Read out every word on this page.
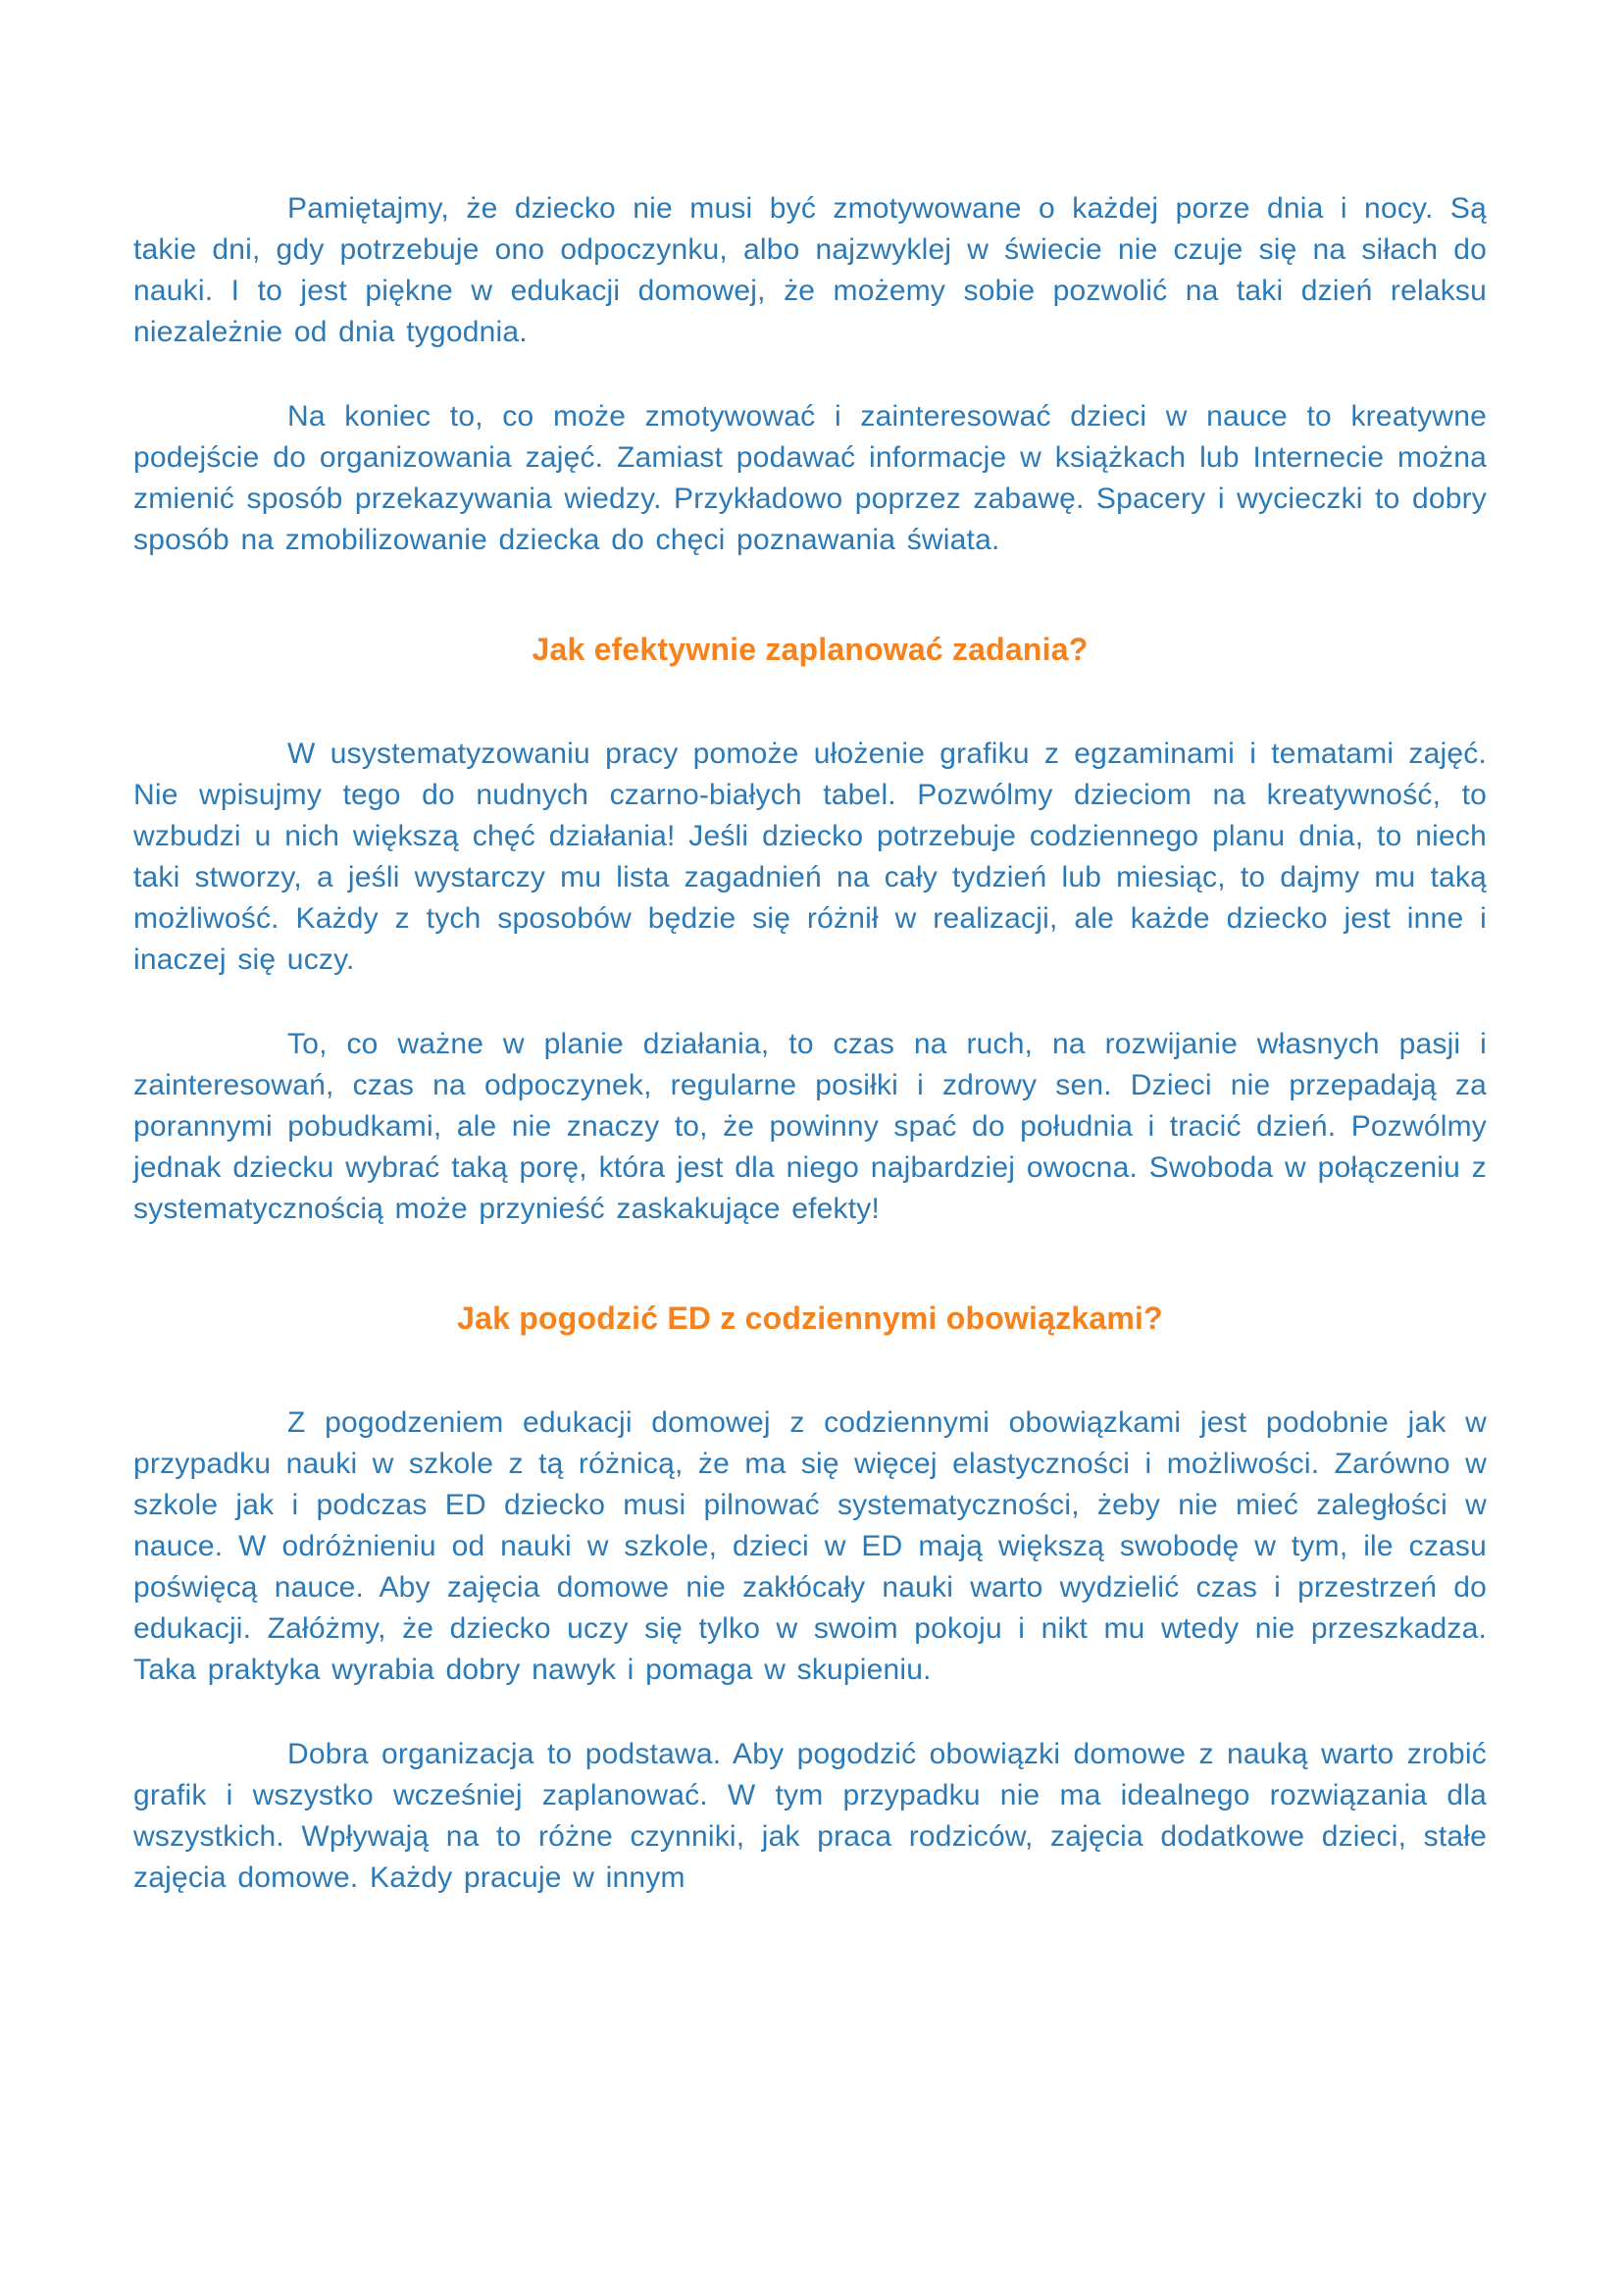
Pamiętajmy, że dziecko nie musi być zmotywowane o każdej porze dnia i nocy. Są takie dni, gdy potrzebuje ono odpoczynku, albo najzwyklej w świecie nie czuje się na siłach do nauki. I to jest piękne w edukacji domowej, że możemy sobie pozwolić na taki dzień relaksu niezależnie od dnia tygodnia.

Na koniec to, co może zmotywować i zainteresować dzieci w nauce to kreatywne podejście do organizowania zajęć. Zamiast podawać informacje w książkach lub Internecie można zmienić sposób przekazywania wiedzy. Przykładowo poprzez zabawę. Spacery i wycieczki to dobry sposób na zmobilizowanie dziecka do chęci poznawania świata.

Jak efektywnie zaplanować zadania?

W usystematyzowaniu pracy pomoże ułożenie grafiku z egzaminami i tematami zajęć. Nie wpisujmy tego do nudnych czarno-białych tabel. Pozwólmy dzieciom na kreatywność, to wzbudzi u nich większą chęć działania! Jeśli dziecko potrzebuje codziennego planu dnia, to niech taki stworzy, a jeśli wystarczy mu lista zagadnień na cały tydzień lub miesiąc, to dajmy mu taką możliwość. Każdy z tych sposobów będzie się różnił w realizacji, ale każde dziecko jest inne i inaczej się uczy.

To, co ważne w planie działania, to czas na ruch, na rozwijanie własnych pasji i zainteresowań, czas na odpoczynek, regularne posiłki i zdrowy sen. Dzieci nie przepadają za porannymi pobudkami, ale nie znaczy to, że powinny spać do południa i tracić dzień. Pozwólmy jednak dziecku wybrać taką porę, która jest dla niego najbardziej owocna. Swoboda w połączeniu z systematycznością może przynieść zaskakujące efekty!

Jak pogodzić ED z codziennymi obowiązkami?

Z pogodzeniem edukacji domowej z codziennymi obowiązkami jest podobnie jak w przypadku nauki w szkole z tą różnicą, że ma się więcej elastyczności i możliwości. Zarówno w szkole jak i podczas ED dziecko musi pilnować systematyczności, żeby nie mieć zaległości w nauce. W odróżnieniu od nauki w szkole, dzieci w ED mają większą swobodę w tym, ile czasu poświęcą nauce. Aby zajęcia domowe nie zakłócały nauki warto wydzielić czas i przestrzeń do edukacji. Załóżmy, że dziecko uczy się tylko w swoim pokoju i nikt mu wtedy nie przeszkadza. Taka praktyka wyrabia dobry nawyk i pomaga w skupieniu.

Dobra organizacja to podstawa. Aby pogodzić obowiązki domowe z nauką warto zrobić grafik i wszystko wcześniej zaplanować. W tym przypadku nie ma idealnego rozwiązania dla wszystkich. Wpływają na to różne czynniki, jak praca rodziców, zajęcia dodatkowe dzieci, stałe zajęcia domowe. Każdy pracuje w innym
